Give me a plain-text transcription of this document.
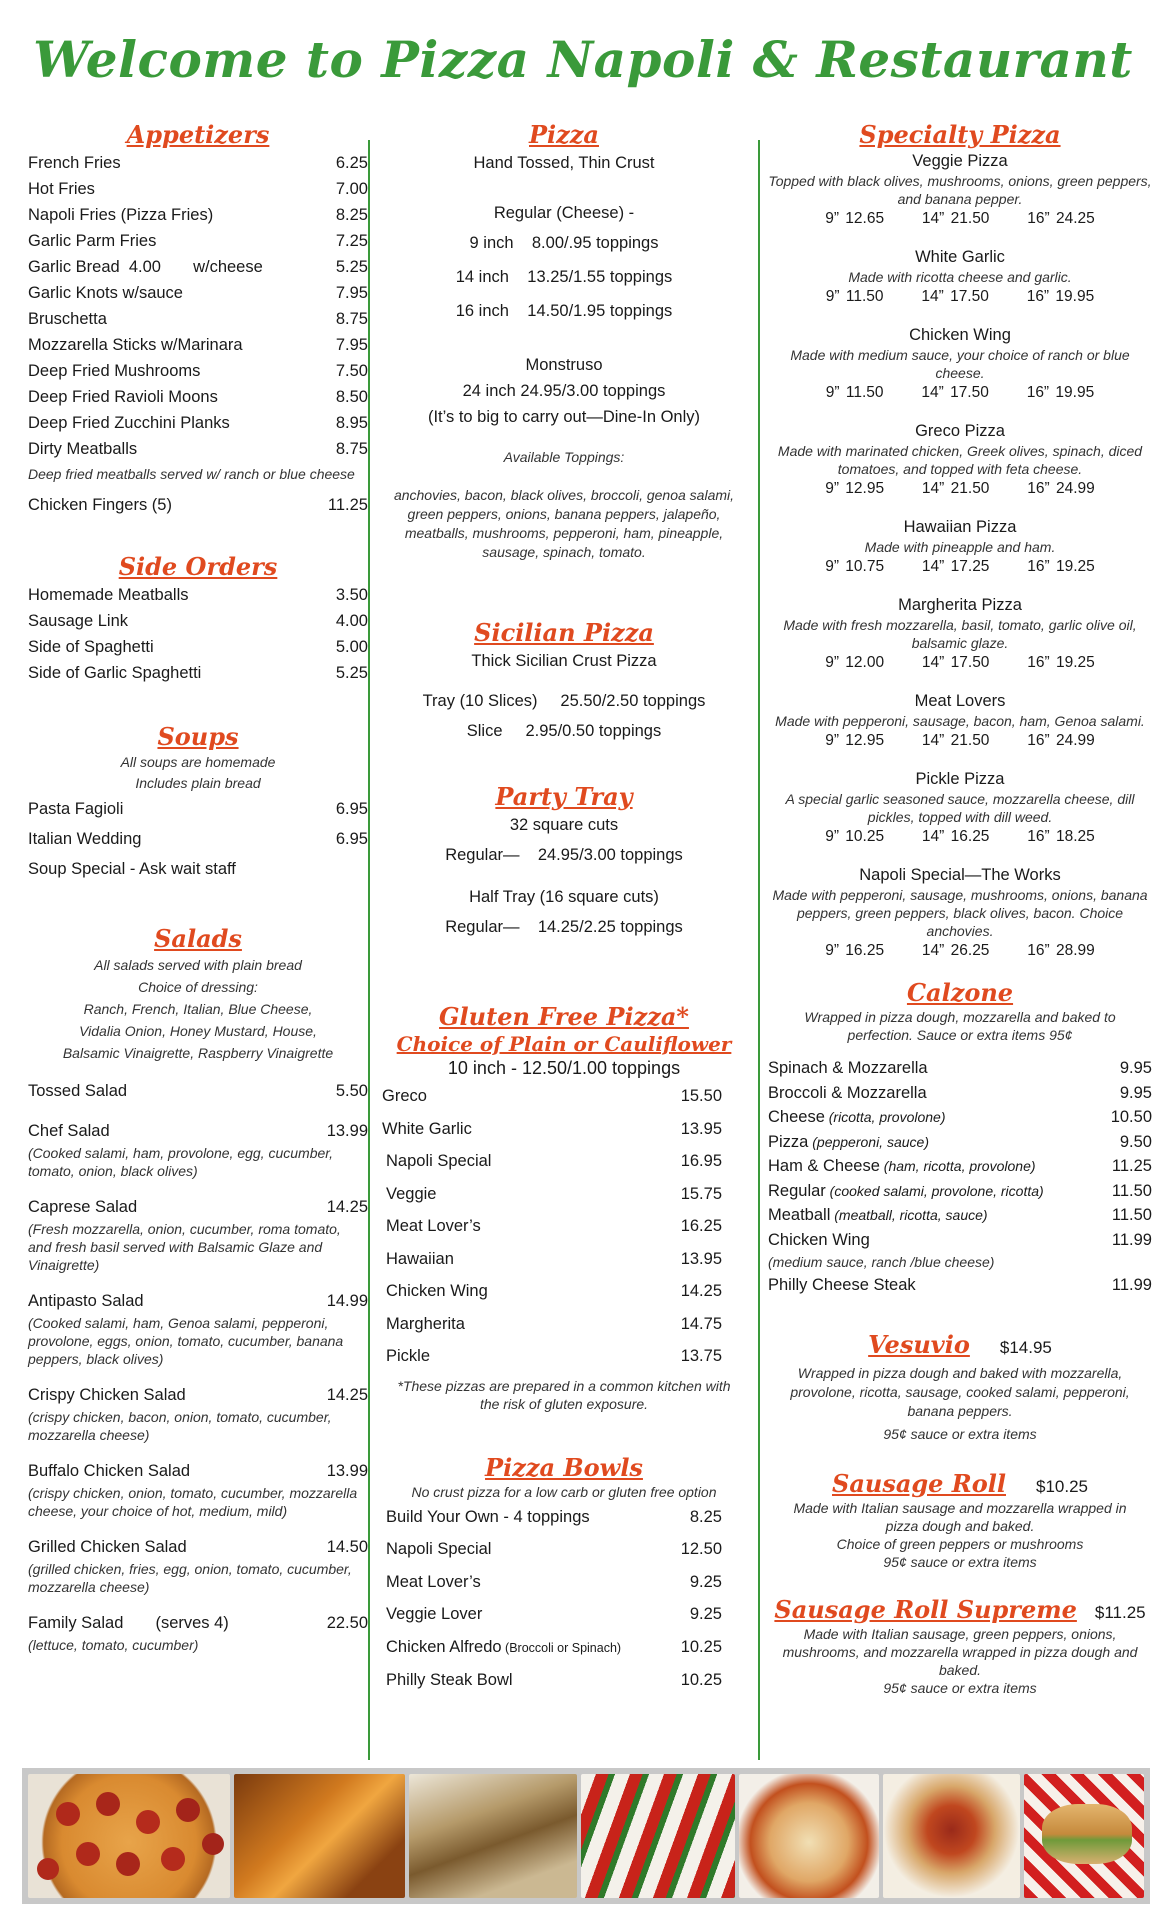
Welcome to Pizza Napoli & Restaurant
Appetizers
French Fries	6.25
Hot Fries	7.00
Napoli Fries (Pizza Fries)	8.25
Garlic Parm Fries	7.25
Garlic Bread  4.00       w/cheese	5.25
Garlic Knots w/sauce	7.95
Bruschetta	8.75
Mozzarella Sticks w/Marinara	7.95
Deep Fried Mushrooms	7.50
Deep Fried Ravioli Moons	8.50
Deep Fried Zucchini Planks	8.95
Dirty Meatballs	8.75
Deep fried meatballs served w/ ranch or blue cheese
Chicken Fingers (5)	11.25
Side Orders
Homemade Meatballs	3.50
Sausage Link	4.00
Side of Spaghetti	5.00
Side of Garlic Spaghetti	5.25
Soups
All soups are homemade
Includes plain bread
Pasta Fagioli	6.95
Italian Wedding	6.95
Soup Special - Ask wait staff
Salads
All salads served with plain bread
Choice of dressing:
Ranch, French, Italian, Blue Cheese,
Vidalia Onion, Honey Mustard, House,
Balsamic Vinaigrette, Raspberry Vinaigrette
Tossed Salad	5.50
Chef Salad	13.99
(Cooked salami, ham, provolone, egg, cucumber, tomato, onion, black olives)
Caprese Salad	14.25
(Fresh mozzarella, onion, cucumber, roma tomato, and fresh basil served with Balsamic Glaze and Vinaigrette)
Antipasto Salad	14.99
(Cooked salami, ham, Genoa salami, pepperoni, provolone, eggs, onion, tomato, cucumber, banana peppers, black olives)
Crispy Chicken Salad	14.25
(crispy chicken, bacon, onion, tomato, cucumber, mozzarella cheese)
Buffalo Chicken Salad	13.99
(crispy chicken, onion, tomato, cucumber, mozzarella cheese, your choice of hot, medium, mild)
Grilled Chicken Salad	14.50
(grilled chicken, fries, egg, onion, tomato, cucumber, mozzarella cheese)
Family Salad       (serves 4)	22.50
(lettuce, tomato, cucumber)
Pizza
Hand Tossed, Thin Crust
Regular (Cheese) -
9 inch    8.00/.95 toppings
14 inch    13.25/1.55 toppings
16 inch    14.50/1.95 toppings
Monstruso
24 inch 24.95/3.00 toppings
(It’s to big to carry out—Dine-In Only)
Available Toppings:
anchovies, bacon, black olives, broccoli, genoa salami, green peppers, onions, banana peppers, jalapeño, meatballs, mushrooms, pepperoni, ham, pineapple, sausage, spinach, tomato.
Sicilian Pizza
Thick Sicilian Crust Pizza
Tray (10 Slices)     25.50/2.50 toppings
Slice     2.95/0.50 toppings
Party Tray
32 square cuts
Regular—    24.95/3.00 toppings
Half Tray (16 square cuts)
Regular—    14.25/2.25 toppings
Gluten Free Pizza*
Choice of Plain or Cauliflower
10 inch - 12.50/1.00 toppings
Greco	15.50
White Garlic	13.95
Napoli Special	16.95
Veggie	15.75
Meat Lover’s	16.25
Hawaiian	13.95
Chicken Wing	14.25
Margherita	14.75
Pickle	13.75
*These pizzas are prepared in a common kitchen with the risk of gluten exposure.
Pizza Bowls
No crust pizza for a low carb or gluten free option
Build Your Own - 4 toppings	8.25
Napoli Special	12.50
Meat Lover’s	9.25
Veggie Lover	9.25
Chicken Alfredo (Broccoli or Spinach)	10.25
Philly Steak Bowl	10.25
Specialty Pizza
Veggie Pizza
Topped with black olives, mushrooms, onions, green peppers, and banana pepper.
9” 12.65      14” 21.50      16” 24.25
White Garlic
Made with ricotta cheese and garlic.
9” 11.50      14” 17.50      16” 19.95
Chicken Wing
Made with medium sauce, your choice of ranch or blue cheese.
9” 11.50      14” 17.50      16” 19.95
Greco Pizza
Made with marinated chicken, Greek olives, spinach, diced tomatoes, and topped with feta cheese.
9” 12.95      14” 21.50      16” 24.99
Hawaiian Pizza
Made with pineapple and ham.
9” 10.75      14” 17.25      16” 19.25
Margherita Pizza
Made with fresh mozzarella, basil, tomato, garlic olive oil, balsamic glaze.
9” 12.00      14” 17.50      16” 19.25
Meat Lovers
Made with pepperoni, sausage, bacon, ham, Genoa salami.
9” 12.95      14” 21.50      16” 24.99
Pickle Pizza
A special garlic seasoned sauce, mozzarella cheese, dill pickles, topped with dill weed.
9” 10.25      14” 16.25      16” 18.25
Napoli Special—The Works
Made with pepperoni, sausage, mushrooms, onions, banana peppers, green peppers, black olives, bacon. Choice anchovies.
9” 16.25      14” 26.25      16” 28.99
Calzone
Wrapped in pizza dough, mozzarella and baked to perfection. Sauce or extra items 95¢
Spinach & Mozzarella	9.95
Broccoli & Mozzarella	9.95
Cheese (ricotta, provolone)	10.50
Pizza (pepperoni, sauce)	9.50
Ham & Cheese (ham, ricotta, provolone)	11.25
Regular (cooked salami, provolone, ricotta)	11.50
Meatball (meatball, ricotta, sauce)	11.50
Chicken Wing	11.99
(medium sauce, ranch /blue cheese)
Philly Cheese Steak	11.99
Vesuvio $14.95
Wrapped in pizza dough and baked with mozzarella, provolone, ricotta, sausage, cooked salami, pepperoni, banana peppers.
95¢ sauce or extra items
Sausage Roll $10.25
Made with Italian sausage and mozzarella wrapped in pizza dough and baked.
Choice of green peppers or mushrooms
95¢ sauce or extra items
Sausage Roll Supreme $11.25
Made with Italian sausage, green peppers, onions, mushrooms, and mozzarella wrapped in pizza dough and baked.
95¢ sauce or extra items
